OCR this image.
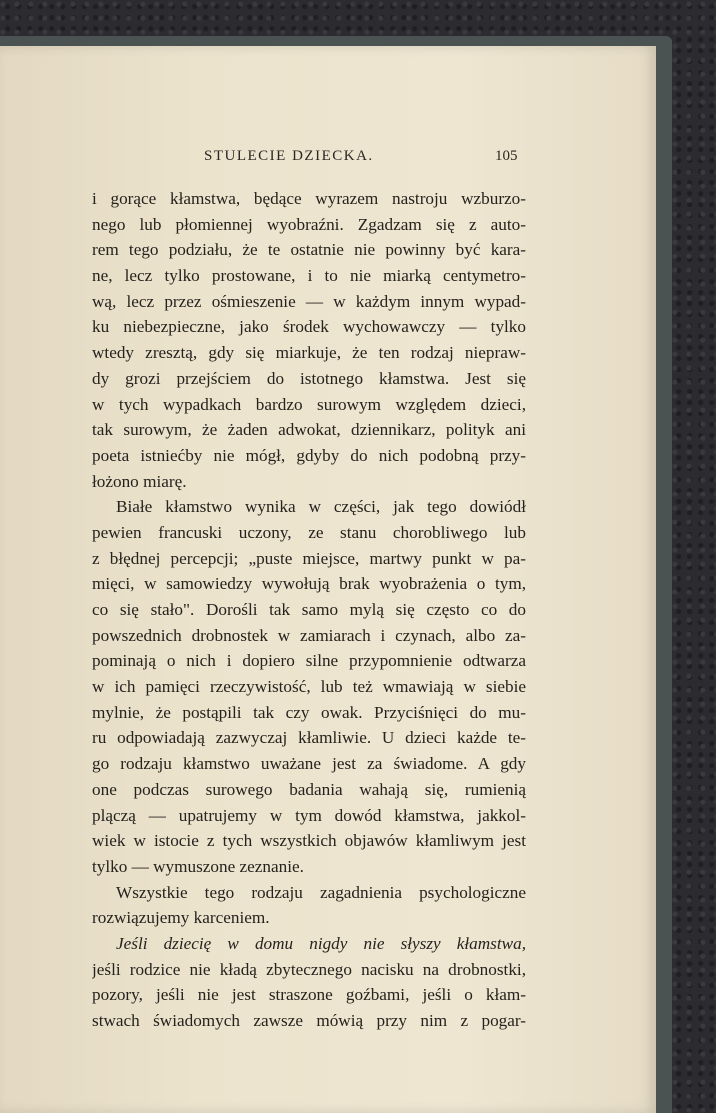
STULECIE DZIECKA.	105
i gorące kłamstwa, będące wyrazem nastroju wzburzo-
nego lub płomiennej wyobraźni. Zgadzam się z auto-
rem tego podziału, że te ostatnie nie powinny być kara-
ne, lecz tylko prostowane, i to nie miarką centymetro-
wą, lecz przez ośmieszenie — w każdym innym wypad-
ku niebezpieczne, jako środek wychowawczy — tylko
wtedy zresztą, gdy się miarkuje, że ten rodzaj niepraw-
dy grozi przejściem do istotnego kłamstwa. Jest się
w tych wypadkach bardzo surowym względem dzieci,
tak surowym, że żaden adwokat, dziennikarz, polityk ani
poeta istniećby nie mógł, gdyby do nich podobną przy-
łożono miarę.
Białe kłamstwo wynika w części, jak tego dowiódł
pewien francuski uczony, ze stanu chorobliwego lub
z błędnej percepcji; „puste miejsce, martwy punkt w pa-
mięci, w samowiedzy wywołują brak wyobrażenia o tym,
co się stało". Dorośli tak samo mylą się często co do
powszednich drobnostek w zamiarach i czynach, albo za-
pominają o nich i dopiero silne przypomnienie odtwarza
w ich pamięci rzeczywistość, lub też wmawiają w siebie
mylnie, że postąpili tak czy owak. Przyciśnięci do mu-
ru odpowiadają zazwyczaj kłamliwie. U dzieci każde te-
go rodzaju kłamstwo uważane jest za świadome. A gdy
one podczas surowego badania wahają się, rumienią
plączą — upatrujemy w tym dowód kłamstwa, jakkol-
wiek w istocie z tych wszystkich objawów kłamliwym jest
tylko — wymuszone zeznanie.
Wszystkie tego rodzaju zagadnienia psychologiczne
rozwiązujemy karceniem.
Jeśli dziecię w domu nigdy nie słyszy kłamstwa,
jeśli rodzice nie kładą zbytecznego nacisku na drobnostki,
pozory, jeśli nie jest straszone goźbami, jeśli o kłam-
stwach świadomych zawsze mówią przy nim z pogar-
